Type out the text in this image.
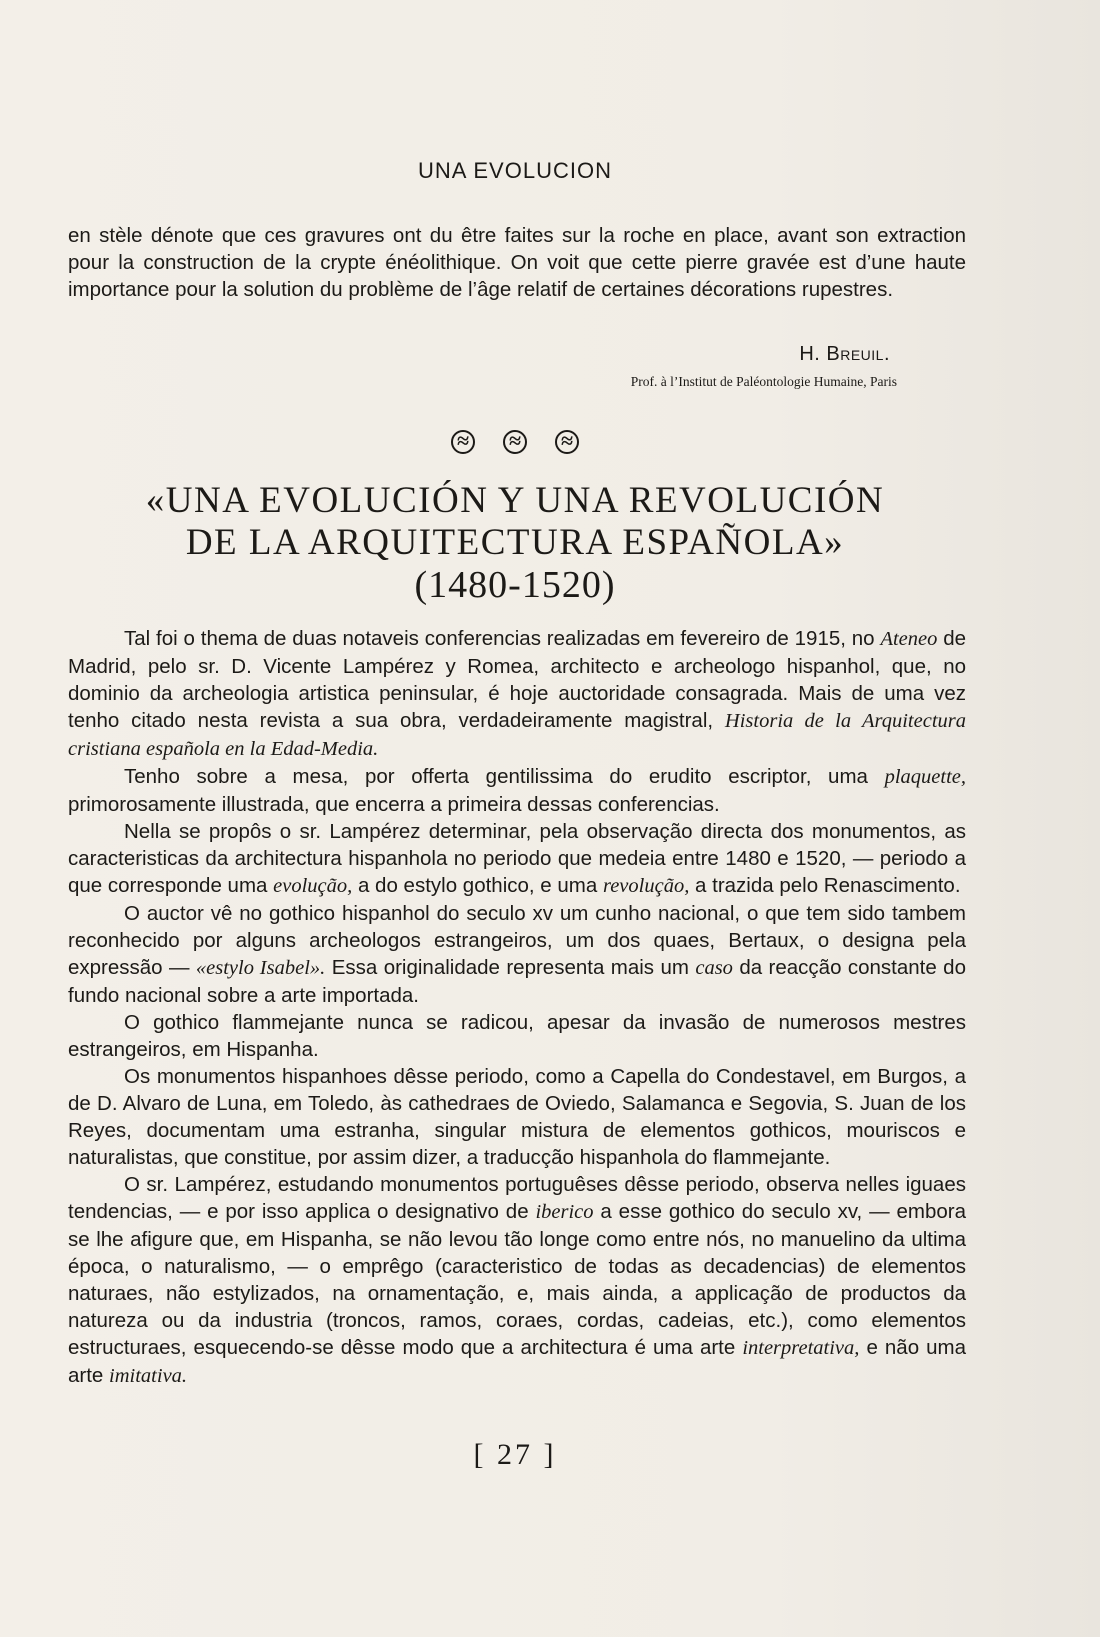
UNA EVOLUCION

en stèle dénote que ces gravures ont du être faites sur la roche en place, avant son extraction pour la construction de la crypte énéolithique. On voit que cette pierre gravée est d’une haute importance pour la solution du problème de l’âge relatif de certaines décorations rupestres.

H. Breuil.
Prof. à l’Institut de Paléontologie Humaine, Paris
≈ ≈ ≈
«UNA EVOLUCIÓN Y UNA REVOLUCIÓN
DE LA ARQUITECTURA ESPAÑOLA»
(1480-1520)

Tal foi o thema de duas notaveis conferencias realizadas em fevereiro de 1915, no Ateneo de Madrid, pelo sr. D. Vicente Lampérez y Romea, architecto e archeologo hispanhol, que, no dominio da archeologia artistica peninsular, é hoje auctoridade consagrada. Mais de uma vez tenho citado nesta revista a sua obra, verdadeiramente magistral, Historia de la Arquitectura cristiana española en la Edad-Media.

Tenho sobre a mesa, por offerta gentilissima do erudito escriptor, uma plaquette, primorosamente illustrada, que encerra a primeira dessas conferencias.

Nella se propôs o sr. Lampérez determinar, pela observação directa dos monumentos, as caracteristicas da architectura hispanhola no periodo que medeia entre 1480 e 1520, — periodo a que corresponde uma evolução, a do estylo gothico, e uma revolução, a trazida pelo Renascimento.

O auctor vê no gothico hispanhol do seculo xv um cunho nacional, o que tem sido tambem reconhecido por alguns archeologos estrangeiros, um dos quaes, Bertaux, o designa pela expressão — «estylo Isabel». Essa originalidade representa mais um caso da reacção constante do fundo nacional sobre a arte importada.

O gothico flammejante nunca se radicou, apesar da invasão de numerosos mestres estrangeiros, em Hispanha.

Os monumentos hispanhoes dêsse periodo, como a Capella do Condestavel, em Burgos, a de D. Alvaro de Luna, em Toledo, às cathedraes de Oviedo, Salamanca e Segovia, S. Juan de los Reyes, documentam uma estranha, singular mistura de elementos gothicos, mouriscos e naturalistas, que constitue, por assim dizer, a traducção hispanhola do flammejante.

O sr. Lampérez, estudando monumentos portuguêses dêsse periodo, observa nelles iguaes tendencias, — e por isso applica o designativo de iberico a esse gothico do seculo xv, — embora se lhe afigure que, em Hispanha, se não levou tão longe como entre nós, no manuelino da ultima época, o naturalismo, — o emprêgo (caracteristico de todas as decadencias) de elementos naturaes, não estylizados, na ornamentação, e, mais ainda, a applicação de productos da natureza ou da industria (troncos, ramos, coraes, cordas, cadeias, etc.), como elementos estructuraes, esquecendo-se dêsse modo que a architectura é uma arte interpretativa, e não uma arte imitativa.

[ 27 ]
